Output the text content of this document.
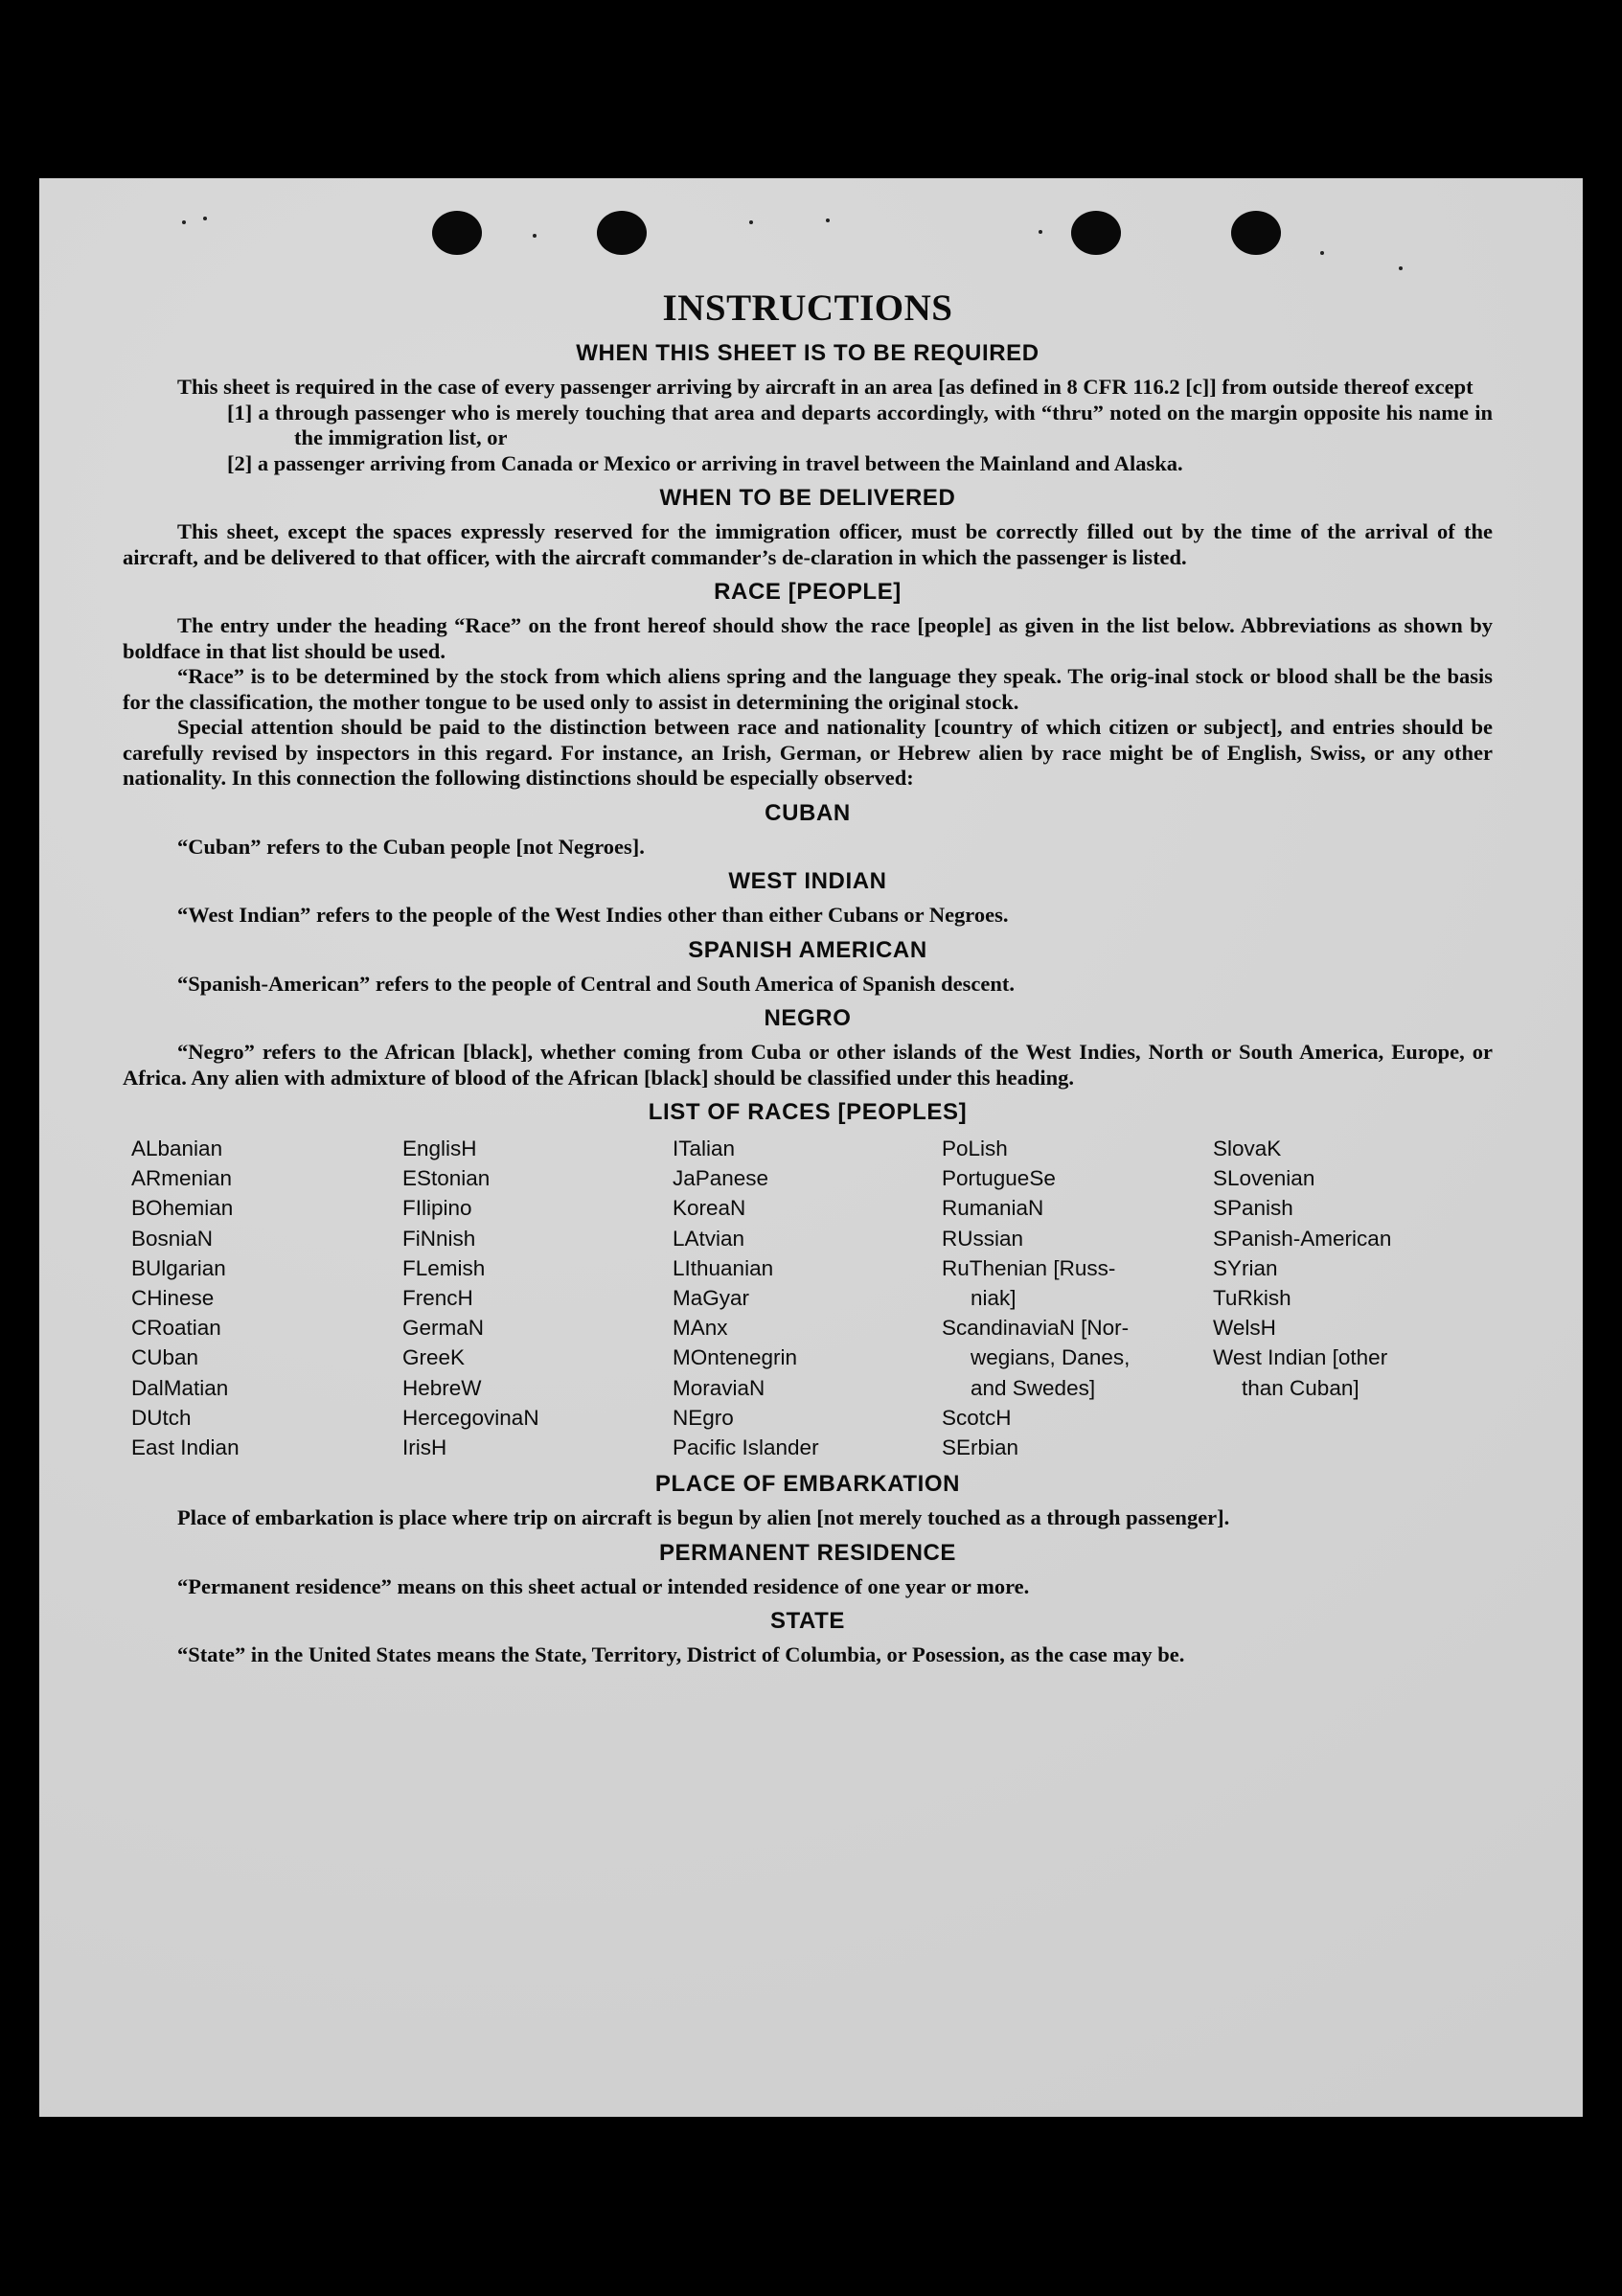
INSTRUCTIONS
WHEN THIS SHEET IS TO BE REQUIRED

This sheet is required in the case of every passenger arriving by aircraft in an area [as defined in 8 CFR 116.2 [c]] from outside thereof except

[1] a through passenger who is merely touching that area and departs accordingly, with “thru” noted on the margin opposite his name in the immigration list, or

[2] a passenger arriving from Canada or Mexico or arriving in travel between the Mainland and Alaska.

WHEN TO BE DELIVERED

This sheet, except the spaces expressly reserved for the immigration officer, must be correctly filled out by the time of the arrival of the aircraft, and be delivered to that officer, with the aircraft commander’s de-claration in which the passenger is listed.

RACE [PEOPLE]

The entry under the heading “Race” on the front hereof should show the race [people] as given in the list below. Abbreviations as shown by boldface in that list should be used.

“Race” is to be determined by the stock from which aliens spring and the language they speak. The orig-inal stock or blood shall be the basis for the classification, the mother tongue to be used only to assist in determining the original stock.

Special attention should be paid to the distinction between race and nationality [country of which citizen or subject], and entries should be carefully revised by inspectors in this regard. For instance, an Irish, German, or Hebrew alien by race might be of English, Swiss, or any other nationality. In this connection the following distinctions should be especially observed:

CUBAN

“Cuban” refers to the Cuban people [not Negroes].

WEST INDIAN

“West Indian” refers to the people of the West Indies other than either Cubans or Negroes.

SPANISH AMERICAN

“Spanish-American” refers to the people of Central and South America of Spanish descent.

NEGRO

“Negro” refers to the African [black], whether coming from Cuba or other islands of the West Indies, North or South America, Europe, or Africa. Any alien with admixture of blood of the African [black] should be classified under this heading.

LIST OF RACES [PEOPLES]
ALbanian
ARmenian
BOhemian
BosniaN
BUlgarian
CHinese
CRoatian
CUban
DalMatian
DUtch
East Indian
EnglisH
EStonian
FIlipino
FiNnish
FLemish
FrencH
GermaN
GreeK
HebreW
HercegovinaN
IrisH
ITalian
JaPanese
KoreaN
LAtvian
LIthuanian
MaGyar
MAnx
MOntenegrin
MoraviaN
NEgro
Pacific Islander
PoLish
PortugueSe
RumaniaN
RUssian
RuThenian [Russ-
niak]
ScandinaviaN [Nor-
wegians, Danes,
and Swedes]
ScotcH
SErbian
SlovaK
SLovenian
SPanish
SPanish-American
SYrian
TuRkish
WelsH
West Indian [other
than Cuban]
PLACE OF EMBARKATION

Place of embarkation is place where trip on aircraft is begun by alien [not merely touched as a through passenger].

PERMANENT RESIDENCE

“Permanent residence” means on this sheet actual or intended residence of one year or more.

STATE

“State” in the United States means the State, Territory, District of Columbia, or Posession, as the case may be.
